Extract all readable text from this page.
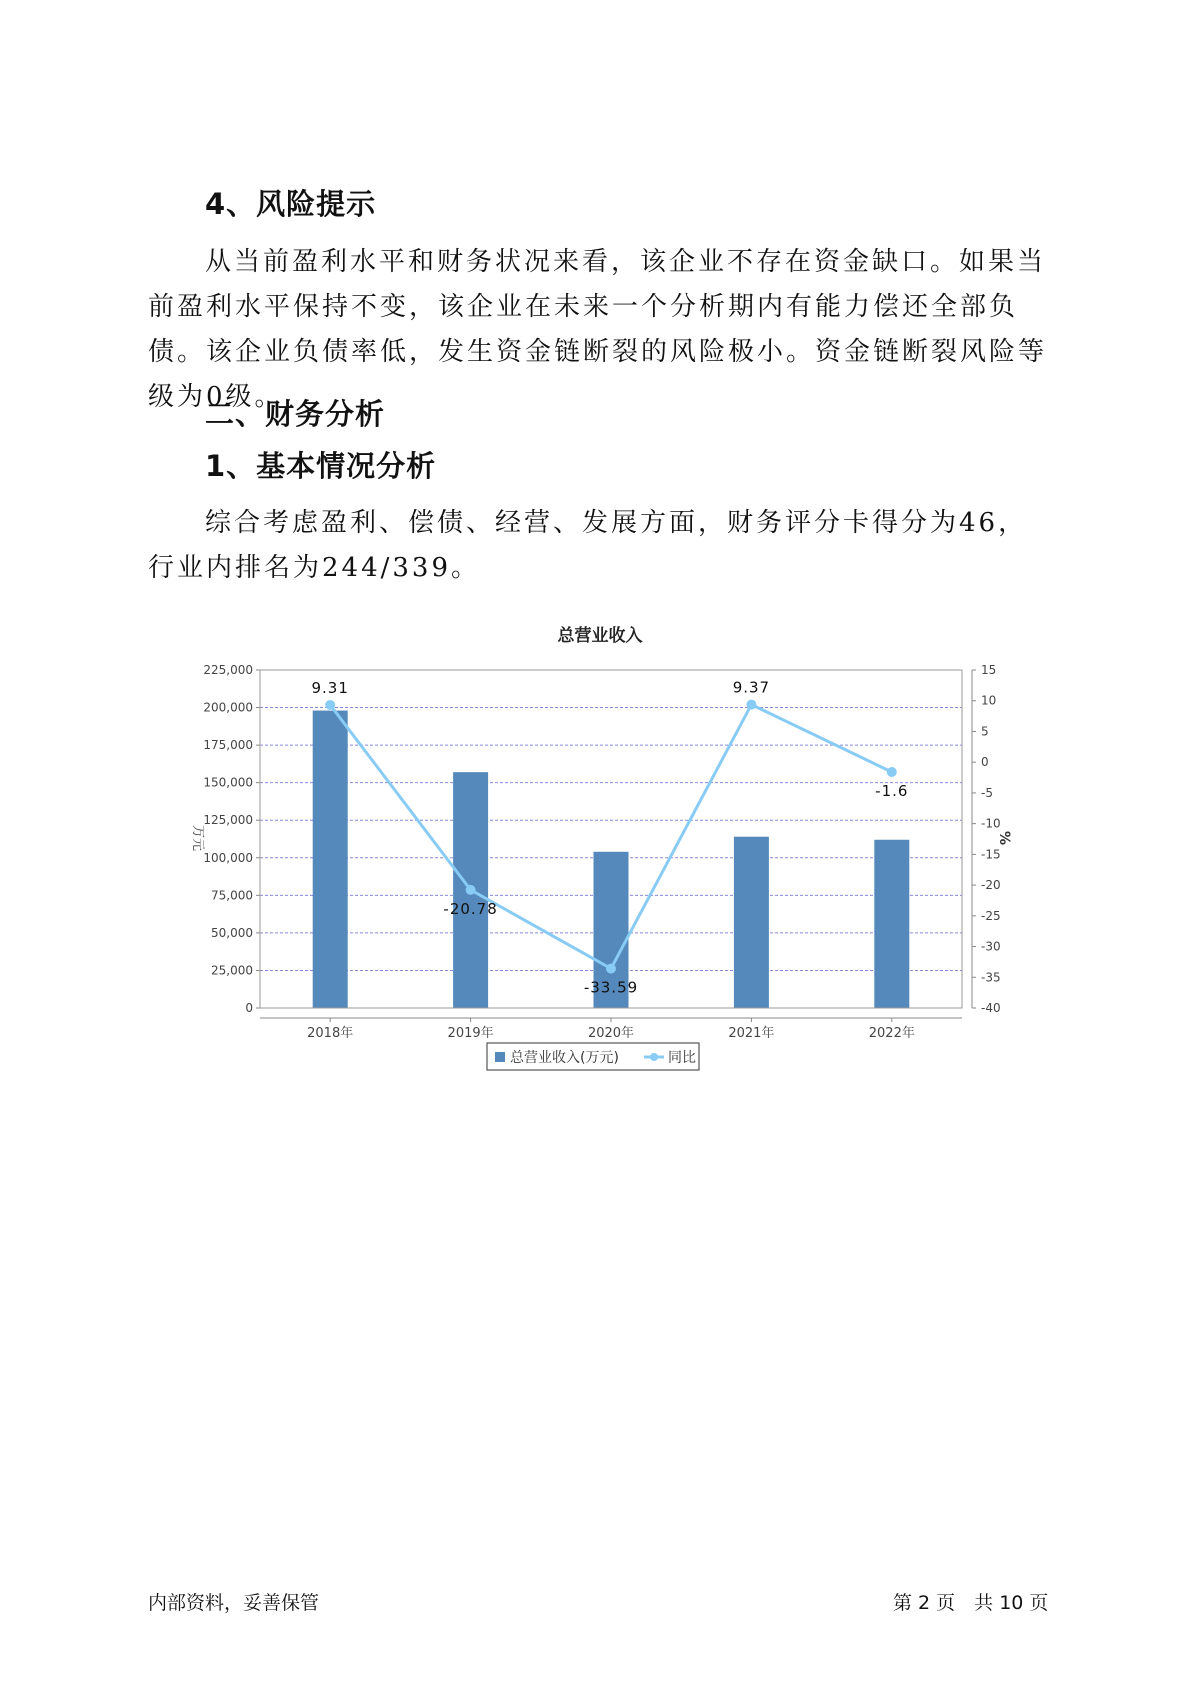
4、风险提示

从当前盈利水平和财务状况来看，该企业不存在资金缺口。如果当前盈利水平保持不变，该企业在未来一个分析期内有能力偿还全部负债。该企业负债率低，发生资金链断裂的风险极小。资金链断裂风险等级为0级。

二、财务分析
1、基本情况分析

综合考虑盈利、偿债、经营、发展方面，财务评分卡得分为46，行业内排名为244/339。

总营业收入
0
25,000
50,000
75,000
100,000
125,000
150,000
175,000
200,000
225,000
-40
-35
-30
-25
-20
-15
-10
-5
0
5
10
15
2018年	2019年	2020年	2021年	2022年
9.31
-20.78
-33.59
9.37
-1.6
万元	%
总营业收入(万元)	同比
内部资料，妥善保管	第 2 页　共 10 页
